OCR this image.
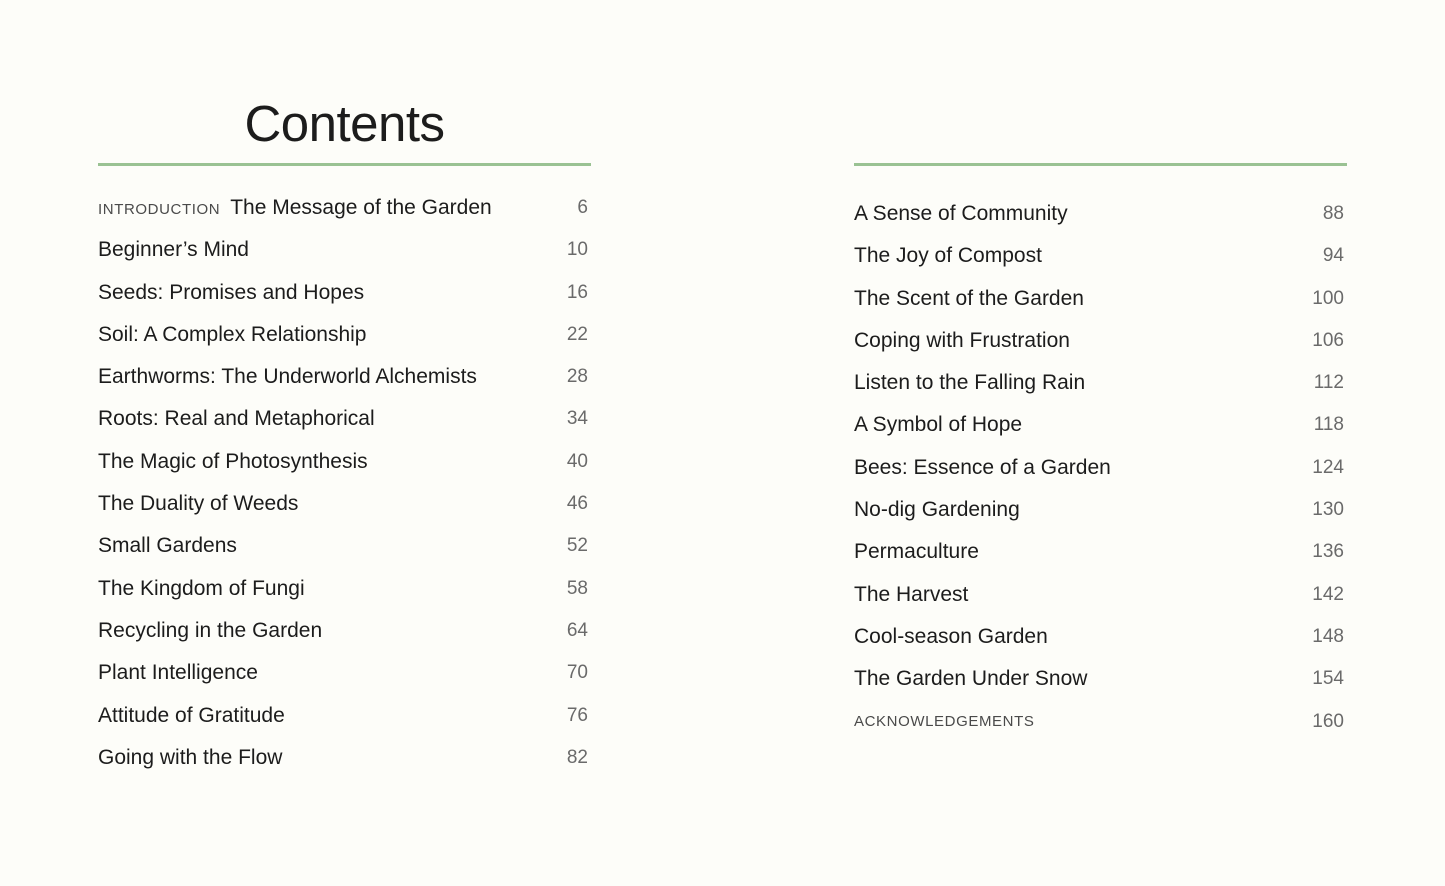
Contents
INTRODUCTION The Message of the Garden	6
Beginner’s Mind	10
Seeds: Promises and Hopes	16
Soil: A Complex Relationship	22
Earthworms: The Underworld Alchemists	28
Roots: Real and Metaphorical	34
The Magic of Photosynthesis	40
The Duality of Weeds	46
Small Gardens	52
The Kingdom of Fungi	58
Recycling in the Garden	64
Plant Intelligence	70
Attitude of Gratitude	76
Going with the Flow	82
A Sense of Community	88
The Joy of Compost	94
The Scent of the Garden	100
Coping with Frustration	106
Listen to the Falling Rain	112
A Symbol of Hope	118
Bees: Essence of a Garden	124
No-dig Gardening	130
Permaculture	136
The Harvest	142
Cool-season Garden	148
The Garden Under Snow	154
ACKNOWLEDGEMENTS	160
